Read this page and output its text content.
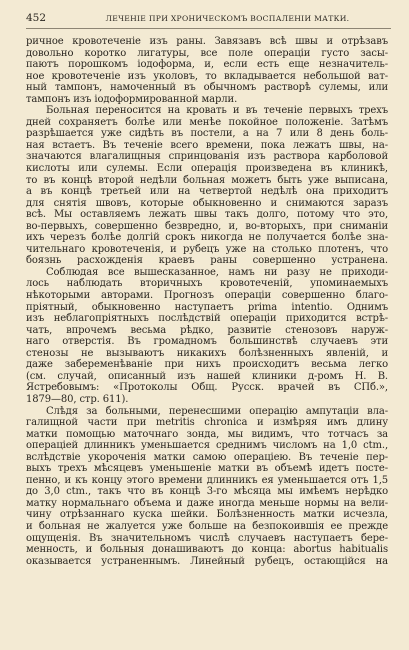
452	ЛЕЧЕНІЕ ПРИ ХРОНИЧЕСКОМЪ ВОСПАЛЕНІИ МАТКИ.
ричное кровотеченіе изъ раны. Завязавъ всѣ швы и отрѣзавъ
довольно коротко лигатуры, все поле операціи густо засы-
паютъ порошкомъ іодоформа, и, если есть еще незначитель-
ное кровотеченіе изъ уколовъ, то вкладывается небольшой ват-
ный тампонъ, намоченный въ обычномъ растворѣ сулемы, или
тампонъ изъ іодоформированной марли.
Больная переносится на кровать и въ теченіе первыхъ трехъ
дней сохраняетъ болѣе или менѣе покойное положеніе. Затѣмъ
разрѣшается уже сидѣть въ постели, а на 7 или 8 день боль-
ная встаетъ. Въ теченіе всего времени, пока лежатъ швы, на-
значаются влагалищныя спринцованія изъ раствора карболовой
кислоты или сулемы. Если операція произведена въ клиникѣ,
то въ концѣ второй недѣли больная можетъ быть уже выписана,
а въ концѣ третьей или на четвертой недѣлѣ она приходитъ
для снятія швовъ, которые обыкновенно и снимаются заразъ
всѣ. Мы оставляемъ лежать швы такъ долго, потому что это,
во-первыхъ, совершенно безвредно, и, во-вторыхъ, при сниманіи
ихъ черезъ болѣе долгій срокъ никогда не получается болѣе зна-
чительнаго кровотеченія, и рубецъ уже на столько плотенъ, что
боязнь расхожденія краевъ раны совершенно устранена.
Соблюдая все вышесказанное, намъ ни разу не приходи-
лось наблюдать вторичныхъ кровотеченій, упоминаемыхъ
нѣкоторыми авторами. Прогнозъ операціи совершенно благо-
пріятный, обыкновенно наступаетъ prima intentio. Однимъ
изъ неблагопріятныхъ послѣдствій операціи приходится встрѣ-
чать, впрочемъ весьма рѣдко, развитіе стенозовъ наруж-
наго отверстія. Въ громадномъ большинствѣ случаевъ эти
стенозы не вызываютъ никакихъ болѣзненныхъ явленій, и
даже забеременѣваніе при нихъ происходитъ весьма легко
(см. случай, описанный изъ нашей клиники д-ромъ Н. В.
Ястребовымъ: «Протоколы Общ. Русск. врачей въ СПб.»,
1879—80, стр. 611).
Слѣдя за больными, перенесшими операцію ампутаціи вла-
галищной части при metritis chronica и измѣряя имъ длину
матки помощью маточнаго зонда, мы видимъ, что тотчасъ за
операціей длинникъ уменьшается среднимъ числомъ на 1,0 ctm.,
вслѣдствіе укороченія матки самою операціею. Въ теченіе пер-
выхъ трехъ мѣсяцевъ уменьшеніе матки въ объемѣ идетъ посте-
пенно, и къ концу этого времени длинникъ ея уменьшается отъ 1,5
до 3,0 ctm., такъ что въ концѣ 3-го мѣсяца мы имѣемъ нерѣдко
матку нормальнаго объема и даже иногда меньше нормы на вели-
чину отрѣзаннаго куска шейки. Болѣзненность матки исчезла,
и больная не жалуется уже больше на безпокоившія ее прежде
ощущенія. Въ значительномъ числѣ случаевъ наступаетъ бере-
менность, и больныя донашиваютъ до конца: abortus habitualis
оказывается устраненнымъ. Линейный рубецъ, остающійся на
